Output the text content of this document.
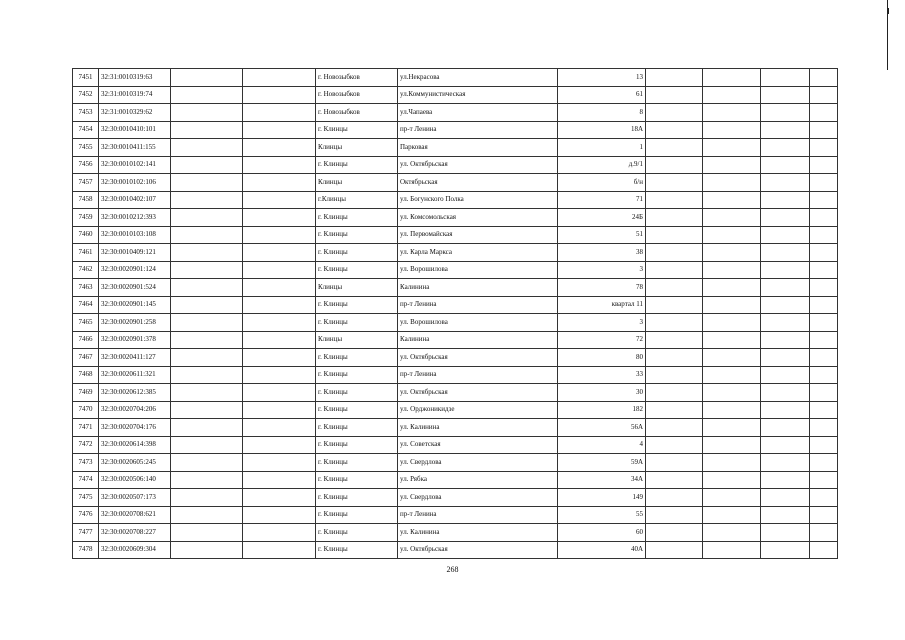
7451	32:31:0010319:63			г. Новозыбков	ул.Некрасова	13				
7452	32:31:0010319:74			г. Новозыбков	ул.Коммунистическая	61				
7453	32:31:0010329:62			г. Новозыбков	ул.Чапаева	8				
7454	32:30:0010410:101			г. Клинцы	пр-т Ленина	18А				
7455	32:30:0010411:155			Клинцы	Парковая	1				
7456	32:30:0010102:141			г. Клинцы	ул. Октябрьская	д.9/1				
7457	32:30:0010102:106			Клинцы	Октябрьская	б/н				
7458	32:30:0010402:107			г.Клинцы	ул. Богунского Полка	71				
7459	32:30:0010212:393			г. Клинцы	ул. Комсомольская	24Б				
7460	32:30:0010103:108			г. Клинцы	ул. Первомайская	51				
7461	32:30:0010409:121			г. Клинцы	ул. Карла Маркса	38				
7462	32:30:0020901:124			г. Клинцы	ул. Ворошилова	3				
7463	32:30:0020901:524			Клинцы	Калинина	78				
7464	32:30:0020901:145			г. Клинцы	пр-т Ленина	квартал 11				
7465	32:30:0020901:258			г. Клинцы	ул. Ворошилова	3				
7466	32:30:0020901:378			Клинцы	Калинина	72				
7467	32:30:0020411:127			г. Клинцы	ул. Октябрьская	80				
7468	32:30:0020611:321			г. Клинцы	пр-т Ленина	33				
7469	32:30:0020612:385			г. Клинцы	ул. Октябрьская	30				
7470	32:30:0020704:206			г. Клинцы	ул. Орджоникидзе	182				
7471	32:30:0020704:176			г. Клинцы	ул. Калинина	56А				
7472	32:30:0020614:398			г. Клинцы	ул. Советская	4				
7473	32:30:0020605:245			г. Клинцы	ул. Свердлова	59А				
7474	32:30:0020506:140			г. Клинцы	ул. Рябка	34А				
7475	32:30:0020507:173			г. Клинцы	ул. Свердлова	149				
7476	32:30:0020708:621			г. Клинцы	пр-т Ленина	55				
7477	32:30:0020708:227			г. Клинцы	ул. Калинина	60				
7478	32:30:0020609:304			г. Клинцы	ул. Октябрьская	40А				
268
